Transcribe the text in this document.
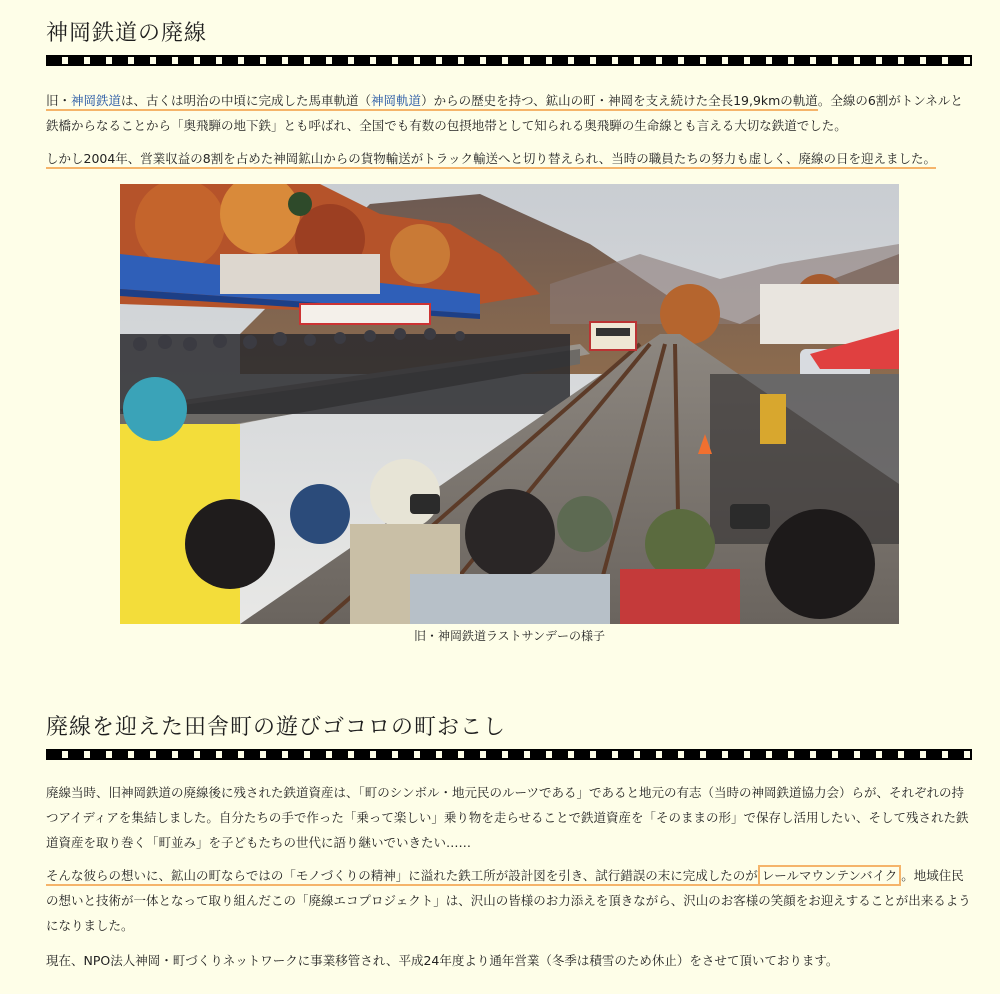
神岡鉄道の廃線

旧・神岡鉄道は、古くは明治の中頃に完成した馬車軌道（神岡軌道）からの歴史を持つ、鉱山の町・神岡を支え続けた全長19,9kmの軌道。全線の6割がトンネルと鉄橋からなることから「奥飛騨の地下鉄」とも呼ばれ、全国でも有数の包摂地帯として知られる奥飛騨の生命線とも言える大切な鉄道でした。

しかし2004年、営業収益の8割を占めた神岡鉱山からの貨物輸送がトラック輸送へと切り替えられ、当時の職員たちの努力も虚しく、廃線の日を迎えました。

旧・神岡鉄道ラストサンデーの様子

廃線を迎えた田舎町の遊びゴコロの町おこし

廃線当時、旧神岡鉄道の廃線後に残された鉄道資産は、「町のシンボル・地元民のルーツである」であると地元の有志（当時の神岡鉄道協力会）らが、それぞれの持つアイディアを集結しました。自分たちの手で作った「乗って楽しい」乗り物を走らせることで鉄道資産を「そのままの形」で保存し活用したい、そして残された鉄道資産を取り巻く「町並み」を子どもたちの世代に語り継いでいきたい……

そんな彼らの想いに、鉱山の町ならではの「モノづくりの精神」に溢れた鉄工所が設計図を引き、試行錯誤の末に完成したのが レールマウンテンバイク 。地域住民の想いと技術が一体となって取り組んだこの「廃線エコプロジェクト」は、沢山の皆様のお力添えを頂きながら、沢山のお客様の笑顔をお迎えすることが出来るようになりました。

現在、NPO法人神岡・町づくりネットワークに事業移管され、平成24年度より通年営業（冬季は積雪のため休止）をさせて頂いております。
